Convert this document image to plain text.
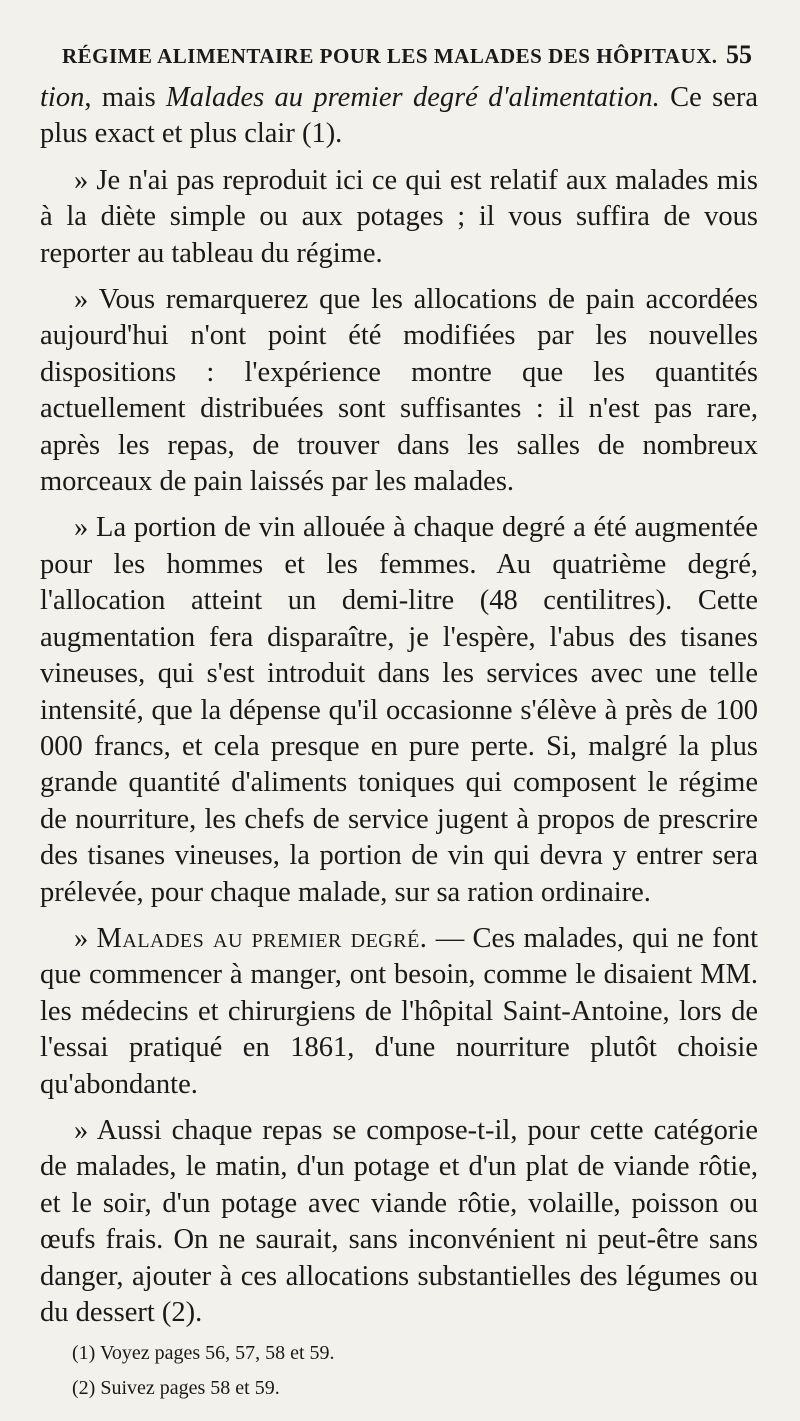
RÉGIME ALIMENTAIRE POUR LES MALADES DES HÔPITAUX. 55

tion, mais Malades au premier degré d'alimentation. Ce sera plus exact et plus clair (1).

» Je n'ai pas reproduit ici ce qui est relatif aux malades mis à la diète simple ou aux potages ; il vous suffira de vous reporter au tableau du régime.

» Vous remarquerez que les allocations de pain accordées aujourd'hui n'ont point été modifiées par les nouvelles dispositions : l'expérience montre que les quantités actuellement distribuées sont suffisantes : il n'est pas rare, après les repas, de trouver dans les salles de nombreux morceaux de pain laissés par les malades.

» La portion de vin allouée à chaque degré a été augmentée pour les hommes et les femmes. Au quatrième degré, l'allocation atteint un demi-litre (48 centilitres). Cette augmentation fera disparaître, je l'espère, l'abus des tisanes vineuses, qui s'est introduit dans les services avec une telle intensité, que la dépense qu'il occasionne s'élève à près de 100 000 francs, et cela presque en pure perte. Si, malgré la plus grande quantité d'aliments toniques qui composent le régime de nourriture, les chefs de service jugent à propos de prescrire des tisanes vineuses, la portion de vin qui devra y entrer sera prélevée, pour chaque malade, sur sa ration ordinaire.

» Malades au premier degré. — Ces malades, qui ne font que commencer à manger, ont besoin, comme le disaient MM. les médecins et chirurgiens de l'hôpital Saint-Antoine, lors de l'essai pratiqué en 1861, d'une nourriture plutôt choisie qu'abondante.

» Aussi chaque repas se compose-t-il, pour cette catégorie de malades, le matin, d'un potage et d'un plat de viande rôtie, et le soir, d'un potage avec viande rôtie, volaille, poisson ou œufs frais. On ne saurait, sans inconvénient ni peut-être sans danger, ajouter à ces allocations substantielles des légumes ou du dessert (2).

(1) Voyez pages 56, 57, 58 et 59.

(2) Suivez pages 58 et 59.
